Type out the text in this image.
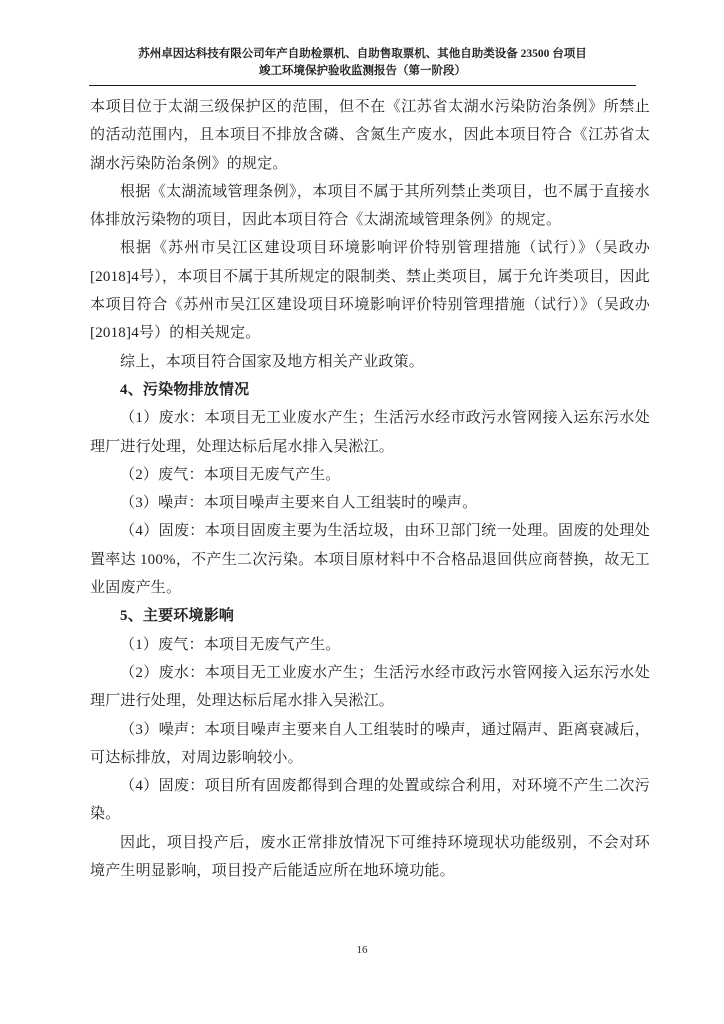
苏州卓因达科技有限公司年产自助检票机、自助售取票机、其他自助类设备 23500 台项目
竣工环境保护验收监测报告（第一阶段）

本项目位于太湖三级保护区的范围，但不在《江苏省太湖水污染防治条例》所禁止的活动范围内，且本项目不排放含磷、含氮生产废水，因此本项目符合《江苏省太湖水污染防治条例》的规定。

根据《太湖流域管理条例》，本项目不属于其所列禁止类项目，也不属于直接水体排放污染物的项目，因此本项目符合《太湖流域管理条例》的规定。

根据《苏州市吴江区建设项目环境影响评价特别管理措施（试行）》（吴政办[2018]4号），本项目不属于其所规定的限制类、禁止类项目，属于允许类项目，因此本项目符合《苏州市吴江区建设项目环境影响评价特别管理措施（试行）》（吴政办[2018]4号）的相关规定。

综上，本项目符合国家及地方相关产业政策。

4、污染物排放情况

（1）废水：本项目无工业废水产生；生活污水经市政污水管网接入运东污水处理厂进行处理，处理达标后尾水排入吴淞江。

（2）废气：本项目无废气产生。

（3）噪声：本项目噪声主要来自人工组装时的噪声。

（4）固废：本项目固废主要为生活垃圾，由环卫部门统一处理。固废的处理处置率达 100%，不产生二次污染。本项目原材料中不合格品退回供应商替换，故无工业固废产生。

5、主要环境影响

（1）废气：本项目无废气产生。

（2）废水：本项目无工业废水产生；生活污水经市政污水管网接入运东污水处理厂进行处理，处理达标后尾水排入吴淞江。

（3）噪声：本项目噪声主要来自人工组装时的噪声，通过隔声、距离衰减后，可达标排放，对周边影响较小。

（4）固废：项目所有固废都得到合理的处置或综合利用，对环境不产生二次污染。

因此，项目投产后，废水正常排放情况下可维持环境现状功能级别，不会对环境产生明显影响，项目投产后能适应所在地环境功能。

16
